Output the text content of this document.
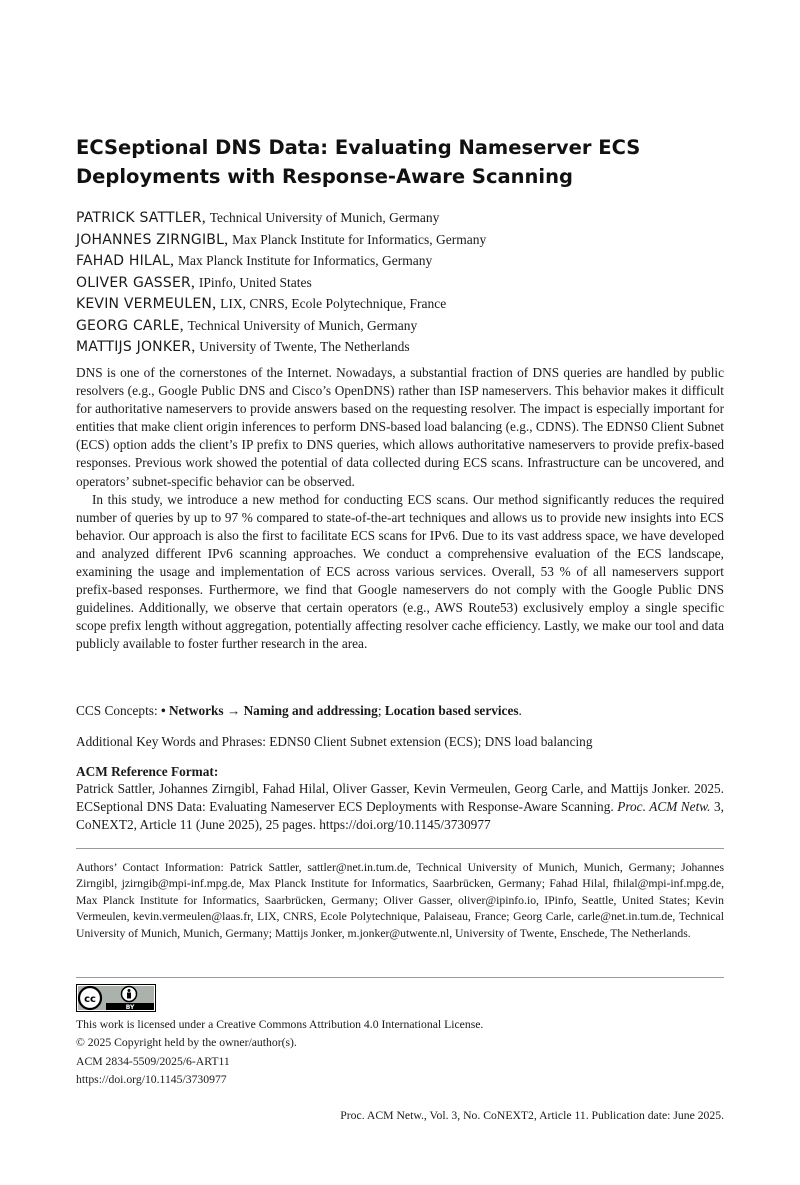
ECSeptional DNS Data: Evaluating Nameserver ECS
Deployments with Response-Aware Scanning
PATRICK SATTLER, Technical University of Munich, Germany
JOHANNES ZIRNGIBL, Max Planck Institute for Informatics, Germany
FAHAD HILAL, Max Planck Institute for Informatics, Germany
OLIVER GASSER, IPinfo, United States
KEVIN VERMEULEN, LIX, CNRS, Ecole Polytechnique, France
GEORG CARLE, Technical University of Munich, Germany
MATTIJS JONKER, University of Twente, The Netherlands

DNS is one of the cornerstones of the Internet. Nowadays, a substantial fraction of DNS queries are handled by public resolvers (e.g., Google Public DNS and Cisco’s OpenDNS) rather than ISP nameservers. This behavior makes it difficult for authoritative nameservers to provide answers based on the requesting resolver. The impact is especially important for entities that make client origin inferences to perform DNS-based load balancing (e.g., CDNS). The EDNS0 Client Subnet (ECS) option adds the client’s IP prefix to DNS queries, which allows authoritative nameservers to provide prefix-based responses. Previous work showed the potential of data collected during ECS scans. Infrastructure can be uncovered, and operators’ subnet-specific behavior can be observed.

In this study, we introduce a new method for conducting ECS scans. Our method significantly reduces the required number of queries by up to 97 % compared to state-of-the-art techniques and allows us to provide new insights into ECS behavior. Our approach is also the first to facilitate ECS scans for IPv6. Due to its vast address space, we have developed and analyzed different IPv6 scanning approaches. We conduct a comprehensive evaluation of the ECS landscape, examining the usage and implementation of ECS across various services. Overall, 53 % of all nameservers support prefix-based responses. Furthermore, we find that Google nameservers do not comply with the Google Public DNS guidelines. Additionally, we observe that certain operators (e.g., AWS Route53) exclusively employ a single specific scope prefix length without aggregation, potentially affecting resolver cache efficiency. Lastly, we make our tool and data publicly available to foster further research in the area.

CCS Concepts: • Networks → Naming and addressing; Location based services.
Additional Key Words and Phrases: EDNS0 Client Subnet extension (ECS); DNS load balancing
ACM Reference Format:
Patrick Sattler, Johannes Zirngibl, Fahad Hilal, Oliver Gasser, Kevin Vermeulen, Georg Carle, and Mattijs Jonker. 2025. ECSeptional DNS Data: Evaluating Nameserver ECS Deployments with Response-Aware Scanning. Proc. ACM Netw. 3, CoNEXT2, Article 11 (June 2025), 25 pages. https://doi.org/10.1145/3730977
Authors’ Contact Information: Patrick Sattler, sattler@net.in.tum.de, Technical University of Munich, Munich, Germany; Johannes Zirngibl, jzirngib@mpi-inf.mpg.de, Max Planck Institute for Informatics, Saarbrücken, Germany; Fahad Hilal, fhilal@mpi-inf.mpg.de, Max Planck Institute for Informatics, Saarbrücken, Germany; Oliver Gasser, oliver@ipinfo.io, IPinfo, Seattle, United States; Kevin Vermeulen, kevin.vermeulen@laas.fr, LIX, CNRS, Ecole Polytechnique, Palaiseau, France; Georg Carle, carle@net.in.tum.de, Technical University of Munich, Munich, Germany; Mattijs Jonker, m.jonker@utwente.nl, University of Twente, Enschede, The Netherlands.
cc
BY
This work is licensed under a Creative Commons Attribution 4.0 International License.
© 2025 Copyright held by the owner/author(s).
ACM 2834-5509/2025/6-ART11
https://doi.org/10.1145/3730977
Proc. ACM Netw., Vol. 3, No. CoNEXT2, Article 11. Publication date: June 2025.
